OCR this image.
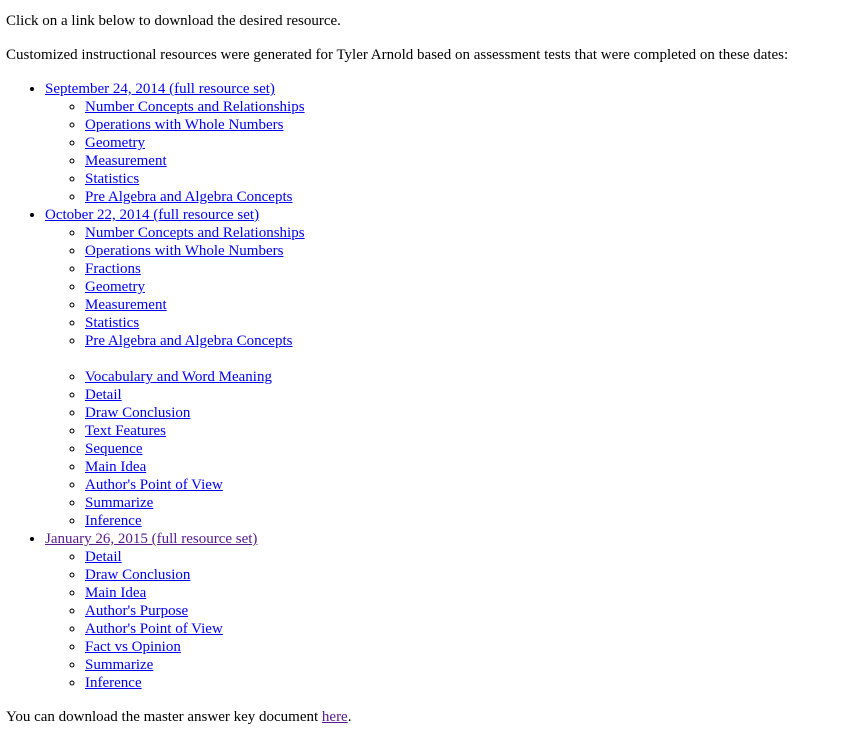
Click on a link below to download the desired resource.

Customized instructional resources were generated for Tyler Arnold based on assessment tests that were completed on these dates:

• September 24, 2014 (full resource set)
◦ Number Concepts and Relationships
◦ Operations with Whole Numbers
◦ Geometry
◦ Measurement
◦ Statistics
◦ Pre Algebra and Algebra Concepts
• October 22, 2014 (full resource set)
◦ Number Concepts and Relationships
◦ Operations with Whole Numbers
◦ Fractions
◦ Geometry
◦ Measurement
◦ Statistics
◦ Pre Algebra and Algebra Concepts
◦ Vocabulary and Word Meaning
◦ Detail
◦ Draw Conclusion
◦ Text Features
◦ Sequence
◦ Main Idea
◦ Author's Point of View
◦ Summarize
◦ Inference
• January 26, 2015 (full resource set)
◦ Detail
◦ Draw Conclusion
◦ Main Idea
◦ Author's Purpose
◦ Author's Point of View
◦ Fact vs Opinion
◦ Summarize
◦ Inference

You can download the master answer key document here.
